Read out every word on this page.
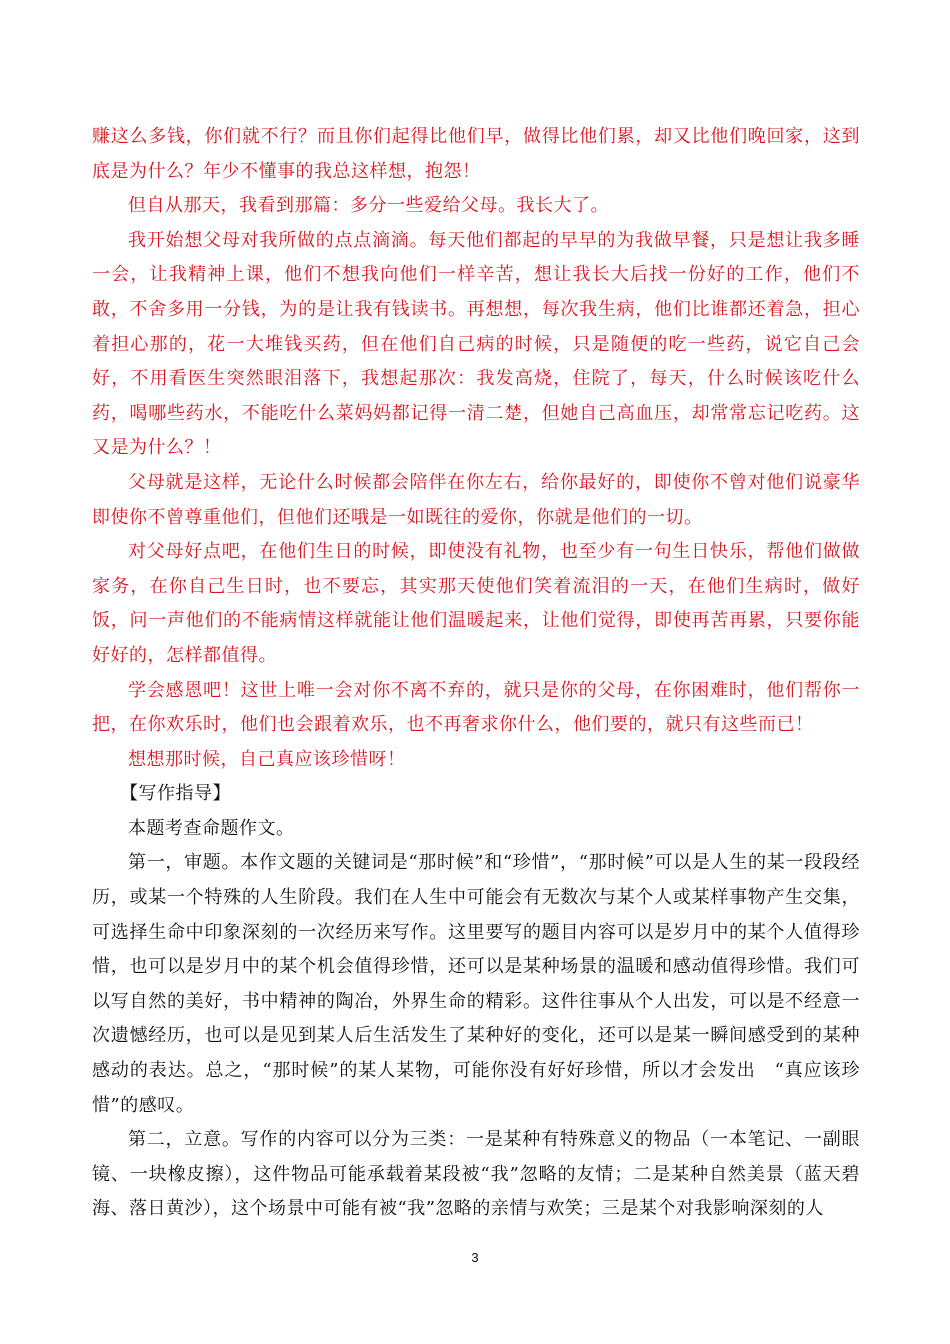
赚这么多钱，你们就不行？而且你们起得比他们早，做得比他们累，却又比他们晚回家，这到底是为什么？年少不懂事的我总这样想，抱怨！

但自从那天，我看到那篇：多分一些爱给父母。我长大了。

我开始想父母对我所做的点点滴滴。每天他们都起的早早的为我做早餐，只是想让我多睡一会，让我精神上课，他们不想我向他们一样辛苦，想让我长大后找一份好的工作，他们不敢，不舍多用一分钱，为的是让我有钱读书。再想想，每次我生病，他们比谁都还着急，担心着担心那的，花一大堆钱买药，但在他们自己病的时候，只是随便的吃一些药，说它自己会好，不用看医生突然眼泪落下，我想起那次：我发高烧，住院了，每天，什么时候该吃什么药，喝哪些药水，不能吃什么菜妈妈都记得一清二楚，但她自己高血压，却常常忘记吃药。这又是为什么？！

父母就是这样，无论什么时候都会陪伴在你左右，给你最好的，即使你不曾对他们说豪华即使你不曾尊重他们，但他们还哦是一如既往的爱你，你就是他们的一切。

对父母好点吧，在他们生日的时候，即使没有礼物，也至少有一句生日快乐，帮他们做做家务，在你自己生日时，也不要忘，其实那天使他们笑着流泪的一天，在他们生病时，做好饭，问一声他们的不能病情这样就能让他们温暖起来，让他们觉得，即使再苦再累，只要你能好好的，怎样都值得。

学会感恩吧！这世上唯一会对你不离不弃的，就只是你的父母，在你困难时，他们帮你一把，在你欢乐时，他们也会跟着欢乐，也不再奢求你什么，他们要的，就只有这些而已！

想想那时候，自己真应该珍惜呀！

【写作指导】

本题考查命题作文。

第一，审题。本作文题的关键词是“那时候”和“珍惜”，“那时候”可以是人生的某一段段经历，或某一个特殊的人生阶段。我们在人生中可能会有无数次与某个人或某样事物产生交集，可选择生命中印象深刻的一次经历来写作。这里要写的题目内容可以是岁月中的某个人值得珍惜，也可以是岁月中的某个机会值得珍惜，还可以是某种场景的温暖和感动值得珍惜。我们可以写自然的美好，书中精神的陶冶，外界生命的精彩。这件往事从个人出发，可以是不经意一次遗憾经历，也可以是见到某人后生活发生了某种好的变化，还可以是某一瞬间感受到的某种感动的表达。总之，“那时候”的某人某物，可能你没有好好珍惜，所以才会发出　“真应该珍惜”的感叹。

第二，立意。写作的内容可以分为三类：一是某种有特殊意义的物品（一本笔记、一副眼镜、一块橡皮擦），这件物品可能承载着某段被“我”忽略的友情；二是某种自然美景（蓝天碧海、落日黄沙），这个场景中可能有被“我”忽略的亲情与欢笑；三是某个对我影响深刻的人

3
